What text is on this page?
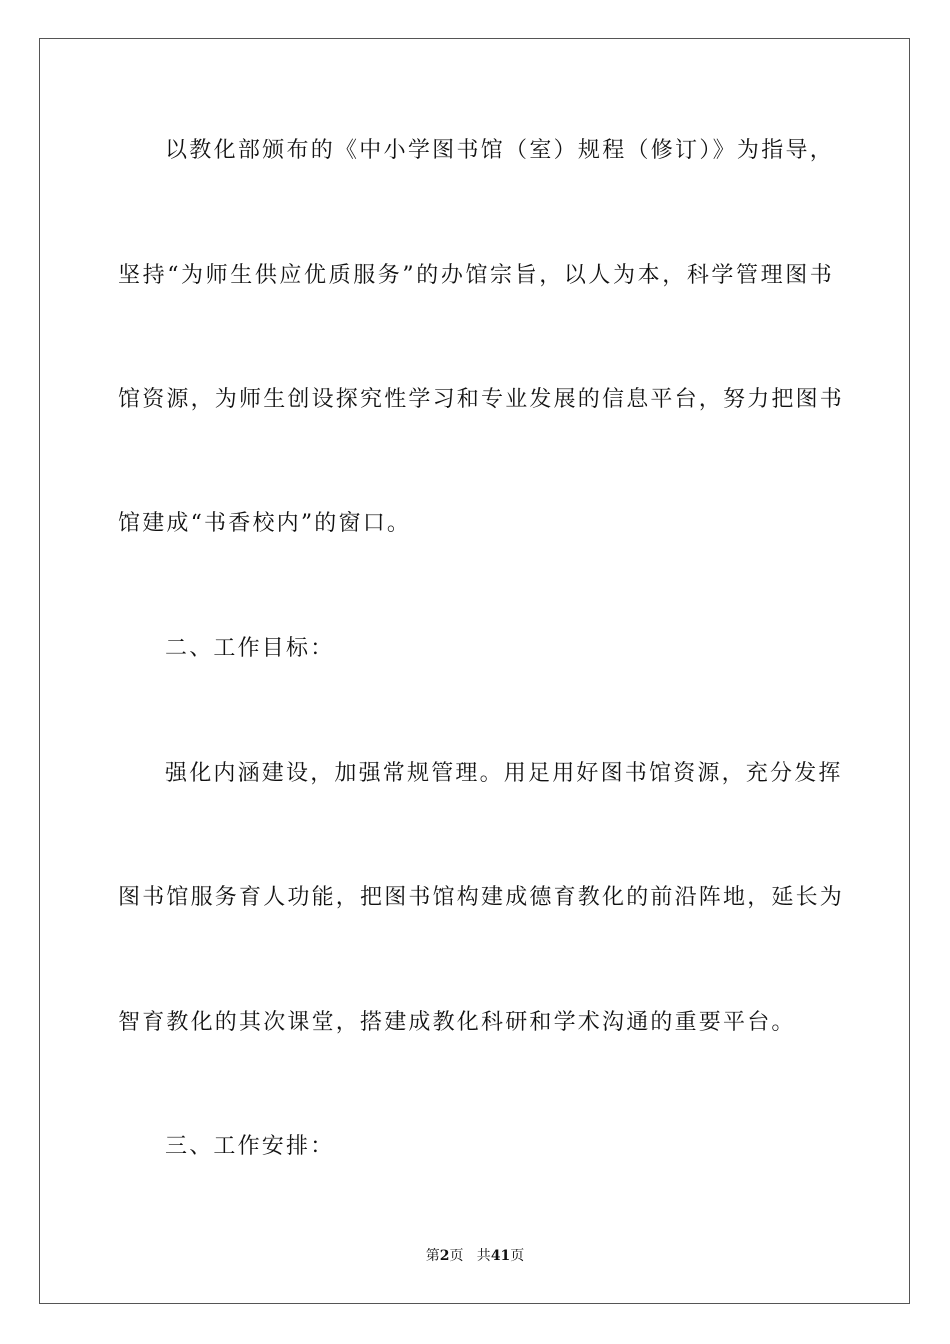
以教化部颁布的《中小学图书馆（室）规程（修订）》为指导，
坚持“为师生供应优质服务”的办馆宗旨，以人为本，科学管理图书
馆资源，为师生创设探究性学习和专业发展的信息平台，努力把图书
馆建成“书香校内”的窗口。
二、工作目标：
强化内涵建设，加强常规管理。用足用好图书馆资源，充分发挥
图书馆服务育人功能，把图书馆构建成德育教化的前沿阵地，延长为
智育教化的其次课堂，搭建成教化科研和学术沟通的重要平台。
三、工作安排：
第2页   共41页
